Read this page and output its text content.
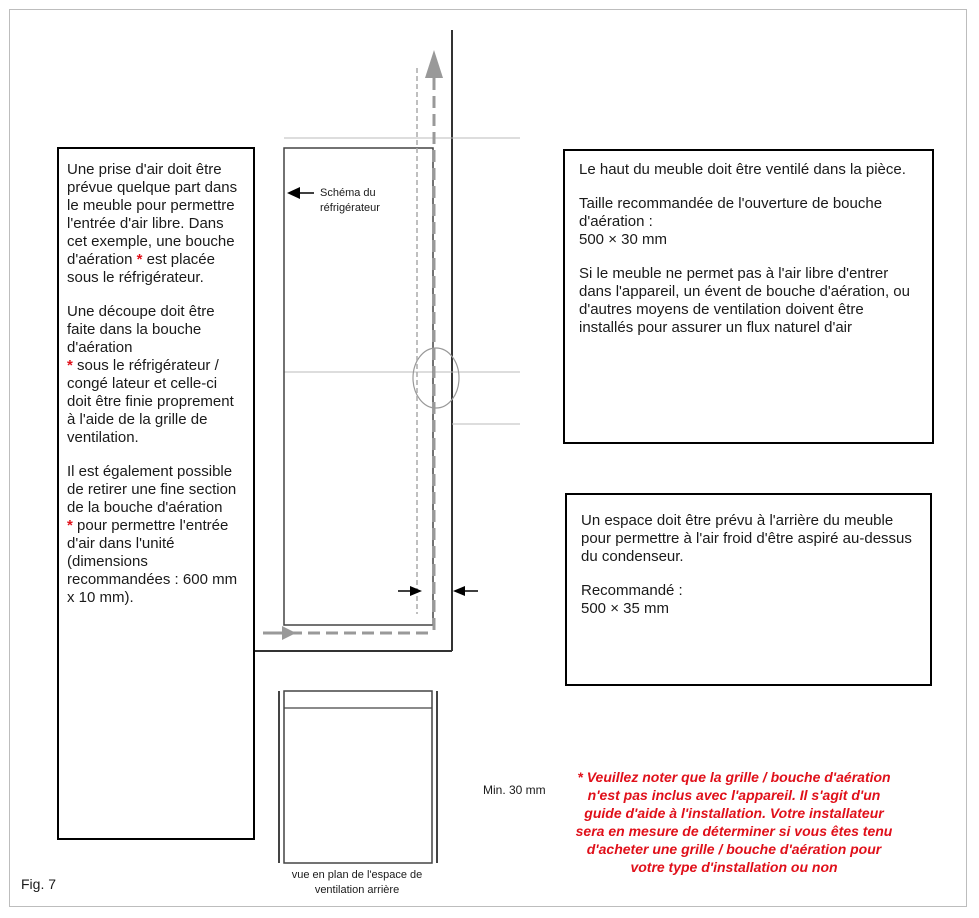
Schéma du
réfrigérateur
Min. 30 mm
vue en plan de l'espace de
ventilation arrière
Fig. 7

Une prise d'air doit être prévue quelque part dans le meuble pour permettre l'entrée d'air libre. Dans cet exemple, une bouche d'aération * est placée sous le réfrigérateur.

Une découpe doit être faite dans la bouche d'aération
* sous le réfrigérateur / congé lateur et celle-ci doit être finie proprement à l'aide de la grille de ventilation.

Il est également possible de retirer une fine section de la bouche d'aération
* pour permettre l'entrée d'air dans l'unité (dimensions recommandées : 600 mm x 10 mm).

Le haut du meuble doit être ventilé dans la pièce.

Taille recommandée de l'ouverture de bouche d'aération :
500 × 30 mm

Si le meuble ne permet pas à l'air libre d'entrer dans l'appareil, un évent de bouche d'aération, ou d'autres moyens de ventilation doivent être installés pour assurer un flux naturel d'air

Un espace doit être prévu à l'arrière du meuble pour permettre à l'air froid d'être aspiré au-dessus du condenseur.

Recommandé :
500 × 35 mm

* Veuillez noter que la grille / bouche d'aération
n'est pas inclus avec l'appareil. Il s'agit d'un
guide d'aide à l'installation. Votre installateur
sera en mesure de déterminer si vous êtes tenu
d'acheter une grille / bouche d'aération pour
votre type d'installation ou non
